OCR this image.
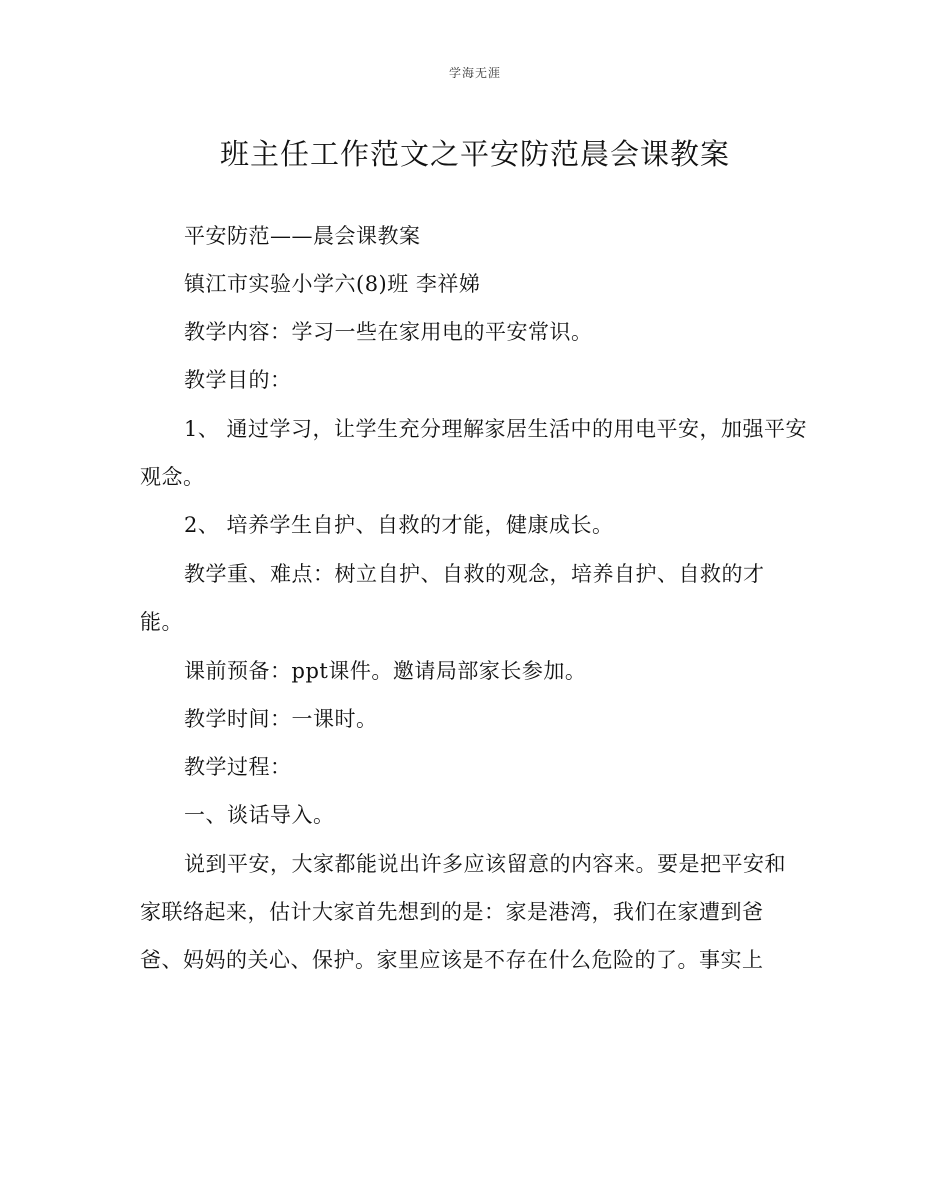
学海无涯
班主任工作范文之平安防范晨会课教案
平安防范——晨会课教案
镇江市实验小学六(8)班 李祥娣
教学内容：学习一些在家用电的平安常识。
教学目的：
1、 通过学习，让学生充分理解家居生活中的用电平安，加强平安
观念。
2、 培养学生自护、自救的才能，健康成长。
教学重、难点：树立自护、自救的观念，培养自护、自救的才
能。
课前预备：ppt课件。邀请局部家长参加。
教学时间：一课时。
教学过程：
一、谈话导入。
说到平安，大家都能说出许多应该留意的内容来。要是把平安和
家联络起来，估计大家首先想到的是：家是港湾，我们在家遭到爸
爸、妈妈的关心、保护。家里应该是不存在什么危险的了。事实上
